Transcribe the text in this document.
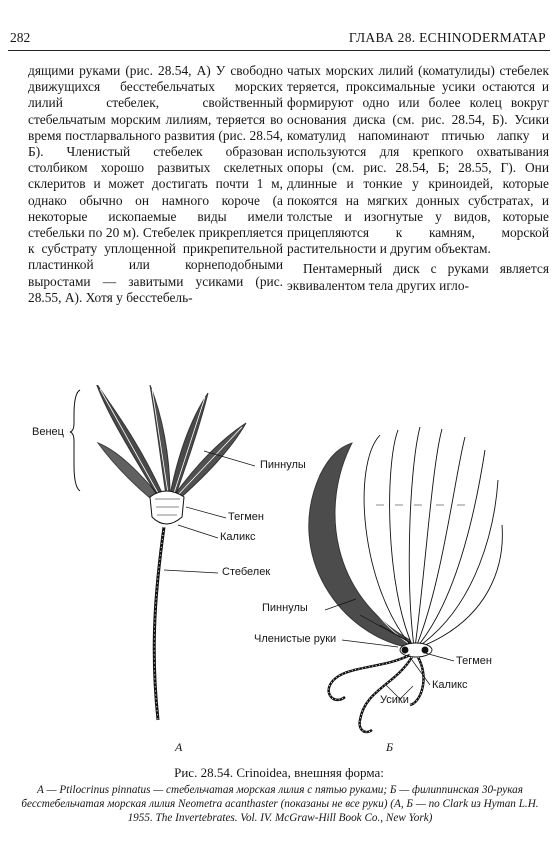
282	ГЛАВА 28. ECHINODERMATAP

дящими руками (рис. 28.54, А) У свободно движущихся бесстебельчатых морских лилий стебелек, свойственный стебельчатым морским лилиям, теряется во время постларвального развития (рис. 28.54, Б). Членистый стебелек образован столбиком хорошо развитых скелетных склеритов и может достигать почти 1 м, однако обычно он намного короче (а некоторые ископаемые виды имели стебельки по 20 м). Стебелек прикрепляется к субстрату уплощенной прикрепительной пластинкой или корнеподобными выростами — завитыми усиками (рис. 28.55, А). Хотя у бесстебель-

чатых морских лилий (коматулиды) стебелек теряется, проксимальные усики остаются и формируют одно или более колец вокруг основания диска (см. рис. 28.54, Б). Усики коматулид напоминают птичью лапку и используются для крепкого охватывания опоры (см. рис. 28.54, Б; 28.55, Г). Они длинные и тонкие у криноидей, которые покоятся на мягких донных субстратах, и толстые и изогнутые у видов, которые прицепляются к камням, морской растительности и другим объектам.

Пентамерный диск с руками является эквивалентом тела других игло-

Венец
Пиннулы
Тегмен
Каликс
Стебелек
Пиннулы
Членистые руки
Тегмен
Каликс
Усики
А	Б
Рис. 28.54. Crinoidea, внешняя форма:
А — Ptilocrinus pinnatus — стебельчатая морская лилия с пятью руками; Б — филиппинская 30-рукая бесстебельчатая морская лилия Neometra acanthaster (показаны не все руки) (А, Б — по Clark из Hyman L.H. 1955. The Invertebrates. Vol. IV. McGraw-Hill Book Co., New York)
